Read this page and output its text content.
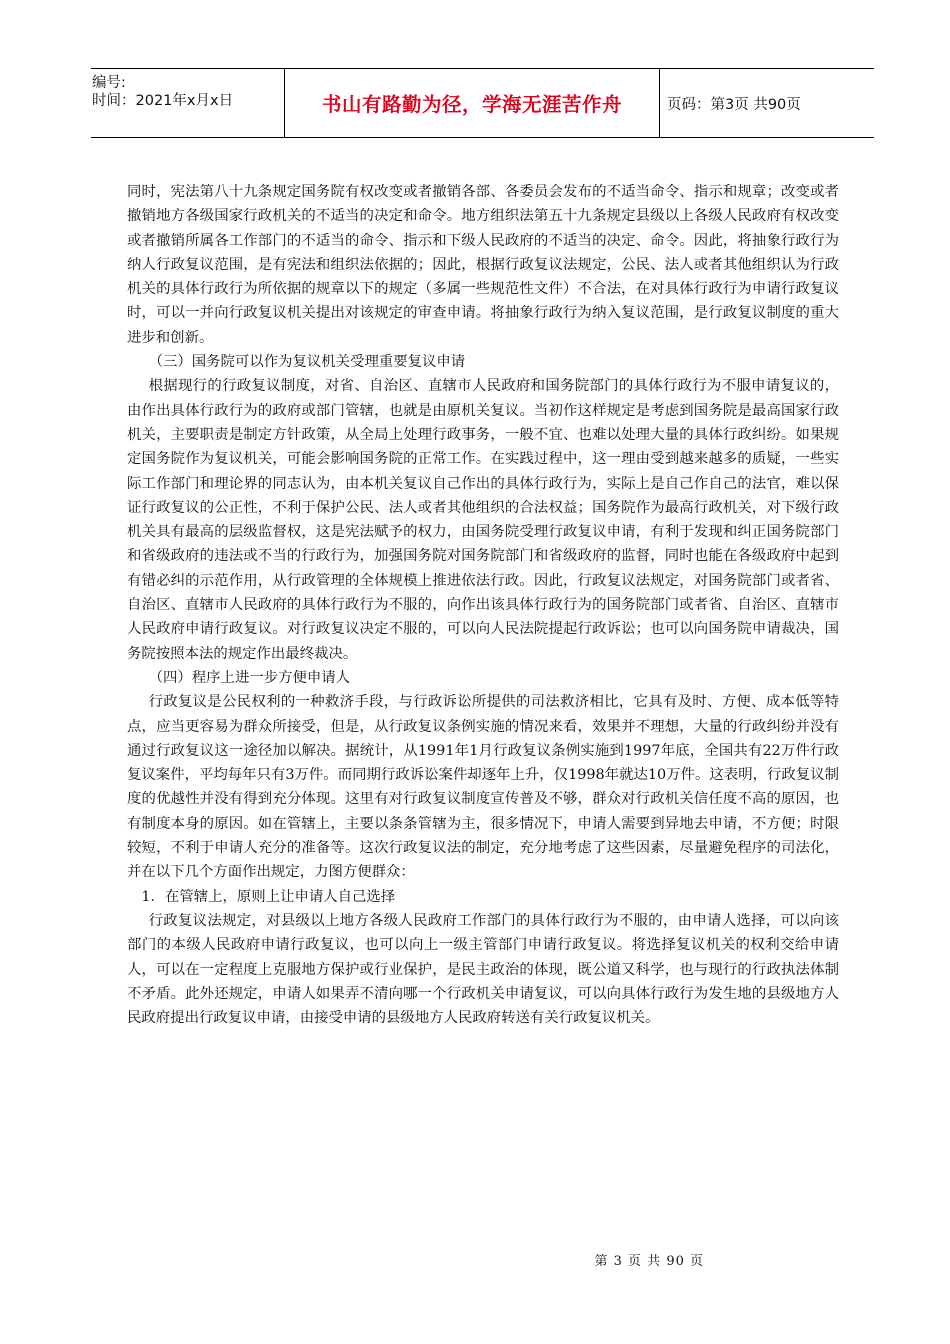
编号:
时间：2021年x月x日	书山有路勤为径，学海无涯苦作舟	页码：第3页 共90页

同时，宪法第八十九条规定国务院有权改变或者撤销各部、各委员会发布的不适当命令、指示和规章；改变或者撤销地方各级国家行政机关的不适当的决定和命令。地方组织法第五十九条规定县级以上各级人民政府有权改变或者撤销所属各工作部门的不适当的命令、指示和下级人民政府的不适当的决定、命令。因此，将抽象行政行为纳人行政复议范围，是有宪法和组织法依据的；因此，根据行政复议法规定，公民、法人或者其他组织认为行政机关的具体行政行为所依据的规章以下的规定（多属一些规范性文件）不合法，在对具体行政行为申请行政复议时，可以一并向行政复议机关提出对该规定的审查申请。将抽象行政行为纳入复议范围，是行政复议制度的重大进步和创新。

（三）国务院可以作为复议机关受理重要复议申请

根据现行的行政复议制度，对省、自治区、直辖市人民政府和国务院部门的具体行政行为不服申请复议的，由作出具体行政行为的政府或部门管辖，也就是由原机关复议。当初作这样规定是考虑到国务院是最高国家行政机关，主要职责是制定方针政策，从全局上处理行政事务，一般不宜、也难以处理大量的具体行政纠纷。如果规定国务院作为复议机关，可能会影响国务院的正常工作。在实践过程中，这一理由受到越来越多的质疑，一些实际工作部门和理论界的同志认为，由本机关复议自己作出的具体行政行为，实际上是自己作自己的法官，难以保证行政复议的公正性，不利于保护公民、法人或者其他组织的合法权益；国务院作为最高行政机关，对下级行政机关具有最高的层级监督权，这是宪法赋予的权力，由国务院受理行政复议申请，有利于发现和纠正国务院部门和省级政府的违法或不当的行政行为，加强国务院对国务院部门和省级政府的监督，同时也能在各级政府中起到有错必纠的示范作用，从行政管理的全体规模上推进依法行政。因此，行政复议法规定，对国务院部门或者省、自治区、直辖市人民政府的具体行政行为不服的，向作出该具体行政行为的国务院部门或者省、自治区、直辖市人民政府申请行政复议。对行政复议决定不服的，可以向人民法院提起行政诉讼；也可以向国务院申请裁决，国务院按照本法的规定作出最终裁决。

（四）程序上进一步方便申请人

行政复议是公民权利的一种救济手段，与行政诉讼所提供的司法救济相比，它具有及时、方便、成本低等特点，应当更容易为群众所接受，但是，从行政复议条例实施的情况来看，效果并不理想，大量的行政纠纷并没有通过行政复议这一途径加以解决。据统计，从1991年1月行政复议条例实施到1997年底，全国共有22万件行政复议案件，平均每年只有3万件。而同期行政诉讼案件却逐年上升，仅1998年就达10万件。这表明，行政复议制度的优越性并没有得到充分体现。这里有对行政复议制度宣传普及不够，群众对行政机关信任度不高的原因，也有制度本身的原因。如在管辖上，主要以条条管辖为主，很多情况下，申请人需要到异地去申请，不方便；时限较短，不利于申请人充分的准备等。这次行政复议法的制定，充分地考虑了这些因素，尽量避免程序的司法化，并在以下几个方面作出规定，力图方便群众：

1．在管辖上，原则上让申请人自己选择

行政复议法规定，对县级以上地方各级人民政府工作部门的具体行政行为不服的，由申请人选择，可以向该部门的本级人民政府申请行政复议，也可以向上一级主管部门申请行政复议。将选择复议机关的权利交给申请人，可以在一定程度上克服地方保护或行业保护，是民主政治的体现，既公道又科学，也与现行的行政执法体制不矛盾。此外还规定，申请人如果弄不清向哪一个行政机关申请复议，可以向具体行政行为发生地的县级地方人民政府提出行政复议申请，由接受申请的县级地方人民政府转送有关行政复议机关。

第 3 页 共 90 页
